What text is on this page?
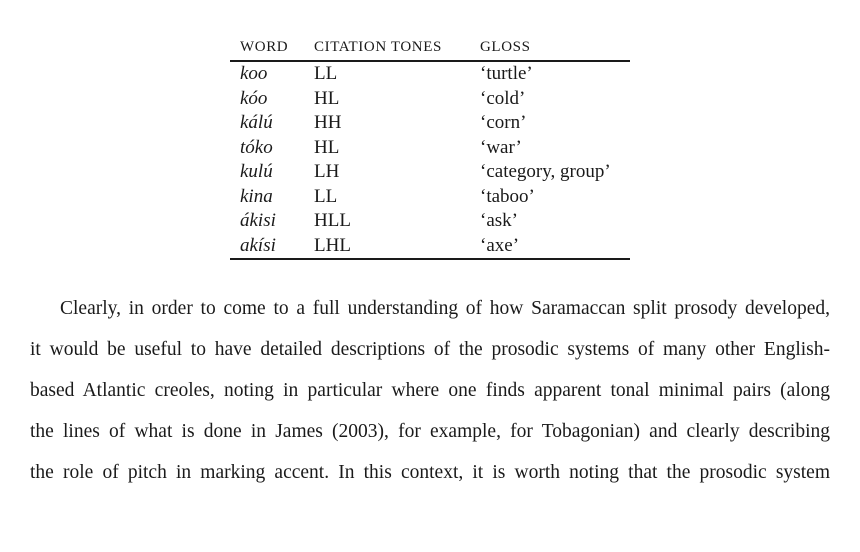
WORD	CITATION TONES	GLOSS
koo	LL	‘turtle’
kóo	HL	‘cold’
kálú	HH	‘corn’
tóko	HL	‘war’
kulú	LH	‘category, group’
kina	LL	‘taboo’
ákisi	HLL	‘ask’
akísi	LHL	‘axe’

Clearly, in order to come to a full understanding of how Saramaccan split prosody developed,
it would be useful to have detailed descriptions of the prosodic systems of many other English-
based Atlantic creoles, noting in particular where one finds apparent tonal minimal pairs (along
the lines of what is done in James (2003), for example, for Tobagonian) and clearly describing
the role of pitch in marking accent. In this context, it is worth noting that the prosodic system
